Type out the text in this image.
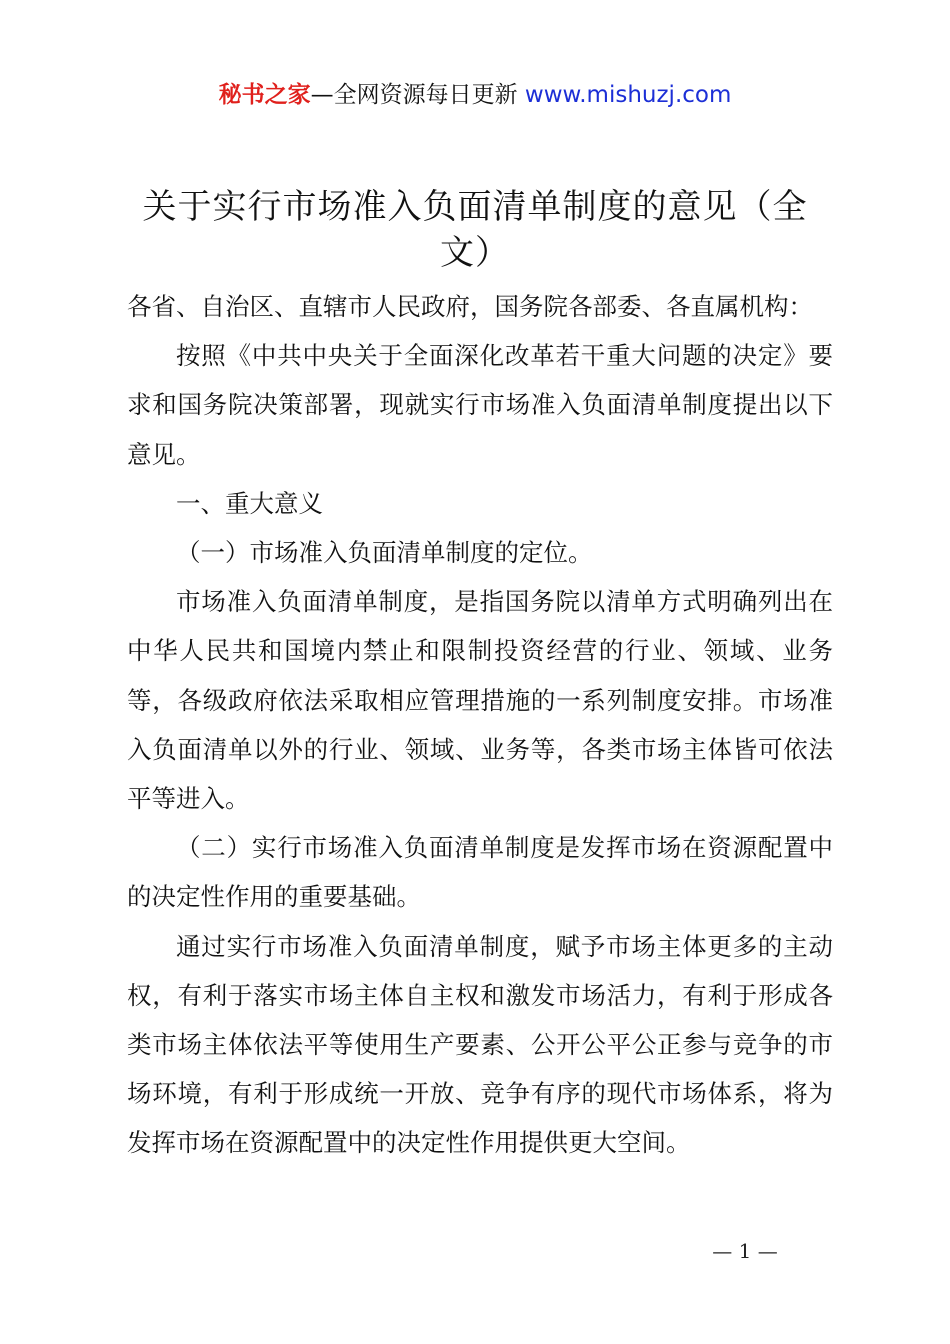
秘书之家—全网资源每日更新 www.mishuzj.com
关于实行市场准入负面清单制度的意见（全文）

各省、自治区、直辖市人民政府，国务院各部委、各直属机构：

按照《中共中央关于全面深化改革若干重大问题的决定》要求和国务院决策部署，现就实行市场准入负面清单制度提出以下意见。

一、重大意义

（一）市场准入负面清单制度的定位。

市场准入负面清单制度，是指国务院以清单方式明确列出在中华人民共和国境内禁止和限制投资经营的行业、领域、业务等，各级政府依法采取相应管理措施的一系列制度安排。市场准入负面清单以外的行业、领域、业务等，各类市场主体皆可依法平等进入。

（二）实行市场准入负面清单制度是发挥市场在资源配置中的决定性作用的重要基础。

通过实行市场准入负面清单制度，赋予市场主体更多的主动权，有利于落实市场主体自主权和激发市场活力，有利于形成各类市场主体依法平等使用生产要素、公开公平公正参与竞争的市场环境，有利于形成统一开放、竞争有序的现代市场体系，将为发挥市场在资源配置中的决定性作用提供更大空间。

— 1 —
